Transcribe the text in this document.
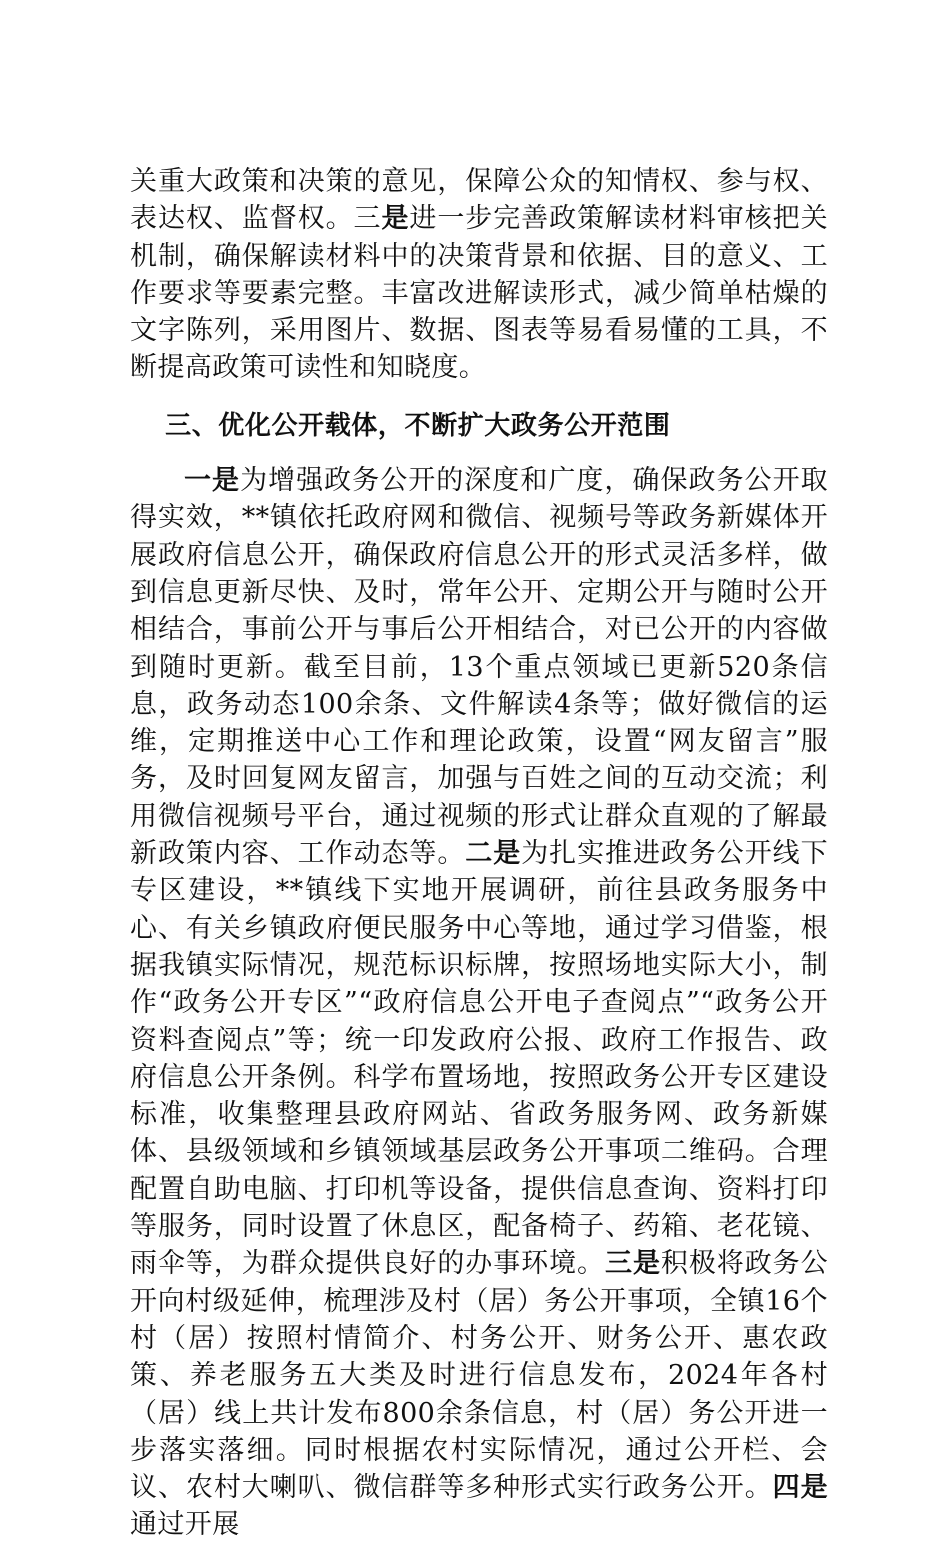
关重大政策和决策的意见，保障公众的知情权、参与权、表达权、监督权。三是进一步完善政策解读材料审核把关机制，确保解读材料中的决策背景和依据、目的意义、工作要求等要素完整。丰富改进解读形式，减少简单枯燥的文字陈列，采用图片、数据、图表等易看易懂的工具，不断提高政策可读性和知晓度。

三、优化公开载体，不断扩大政务公开范围

一是为增强政务公开的深度和广度，确保政务公开取得实效，**镇依托政府网和微信、视频号等政务新媒体开展政府信息公开，确保政府信息公开的形式灵活多样，做到信息更新尽快、及时，常年公开、定期公开与随时公开相结合，事前公开与事后公开相结合，对已公开的内容做到随时更新。截至目前，13个重点领域已更新520条信息，政务动态100余条、文件解读4条等；做好微信的运维，定期推送中心工作和理论政策，设置“网友留言”服务，及时回复网友留言，加强与百姓之间的互动交流；利用微信视频号平台，通过视频的形式让群众直观的了解最新政策内容、工作动态等。二是为扎实推进政务公开线下专区建设，**镇线下实地开展调研，前往县政务服务中心、有关乡镇政府便民服务中心等地，通过学习借鉴，根据我镇实际情况，规范标识标牌，按照场地实际大小，制作“政务公开专区”“政府信息公开电子查阅点”“政务公开资料查阅点”等；统一印发政府公报、政府工作报告、政府信息公开条例。科学布置场地，按照政务公开专区建设标准，收集整理县政府网站、省政务服务网、政务新媒体、县级领域和乡镇领域基层政务公开事项二维码。合理配置自助电脑、打印机等设备，提供信息查询、资料打印等服务，同时设置了休息区，配备椅子、药箱、老花镜、雨伞等，为群众提供良好的办事环境。三是积极将政务公开向村级延伸，梳理涉及村（居）务公开事项，全镇16个村（居）按照村情简介、村务公开、财务公开、惠农政策、养老服务五大类及时进行信息发布，2024年各村（居）线上共计发布800余条信息，村（居）务公开进一步落实落细。同时根据农村实际情况，通过公开栏、会议、农村大喇叭、微信群等多种形式实行政务公开。四是通过开展
